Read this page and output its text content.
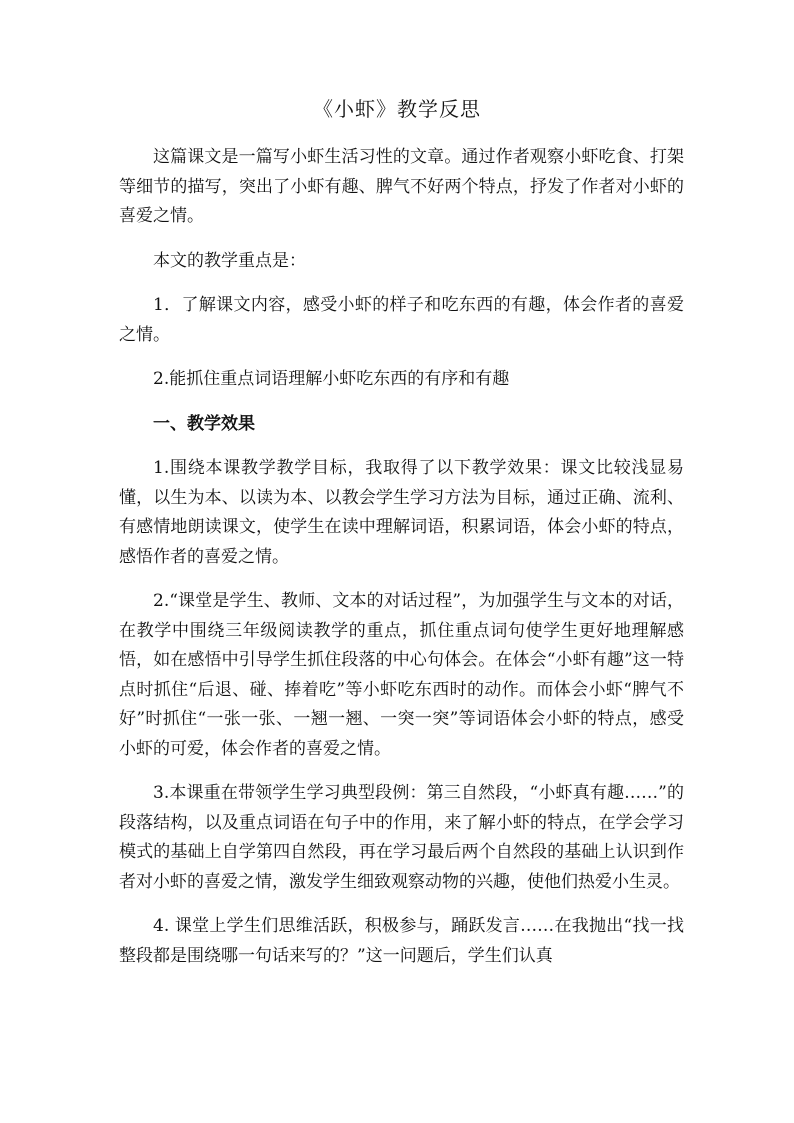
《小虾》教学反思

这篇课文是一篇写小虾生活习性的文章。通过作者观察小虾吃食、打架等细节的描写，突出了小虾有趣、脾气不好两个特点，抒发了作者对小虾的喜爱之情。

本文的教学重点是：

1．了解课文内容，感受小虾的样子和吃东西的有趣，体会作者的喜爱之情。

2.能抓住重点词语理解小虾吃东西的有序和有趣

一、教学效果

1.围绕本课教学教学目标，我取得了以下教学效果：课文比较浅显易懂，以生为本、以读为本、以教会学生学习方法为目标，通过正确、流利、有感情地朗读课文，使学生在读中理解词语，积累词语，体会小虾的特点，感悟作者的喜爱之情。

2.“课堂是学生、教师、文本的对话过程”，为加强学生与文本的对话，在教学中围绕三年级阅读教学的重点，抓住重点词句使学生更好地理解感悟，如在感悟中引导学生抓住段落的中心句体会。在体会“小虾有趣”这一特点时抓住“后退、碰、捧着吃”等小虾吃东西时的动作。而体会小虾“脾气不好”时抓住“一张一张、一翘一翘、一突一突”等词语体会小虾的特点，感受小虾的可爱，体会作者的喜爱之情。

3.本课重在带领学生学习典型段例：第三自然段，“小虾真有趣……”的段落结构，以及重点词语在句子中的作用，来了解小虾的特点，在学会学习模式的基础上自学第四自然段，再在学习最后两个自然段的基础上认识到作者对小虾的喜爱之情，激发学生细致观察动物的兴趣，使他们热爱小生灵。

4. 课堂上学生们思维活跃，积极参与，踊跃发言……在我抛出“找一找整段都是围绕哪一句话来写的？”这一问题后，学生们认真
